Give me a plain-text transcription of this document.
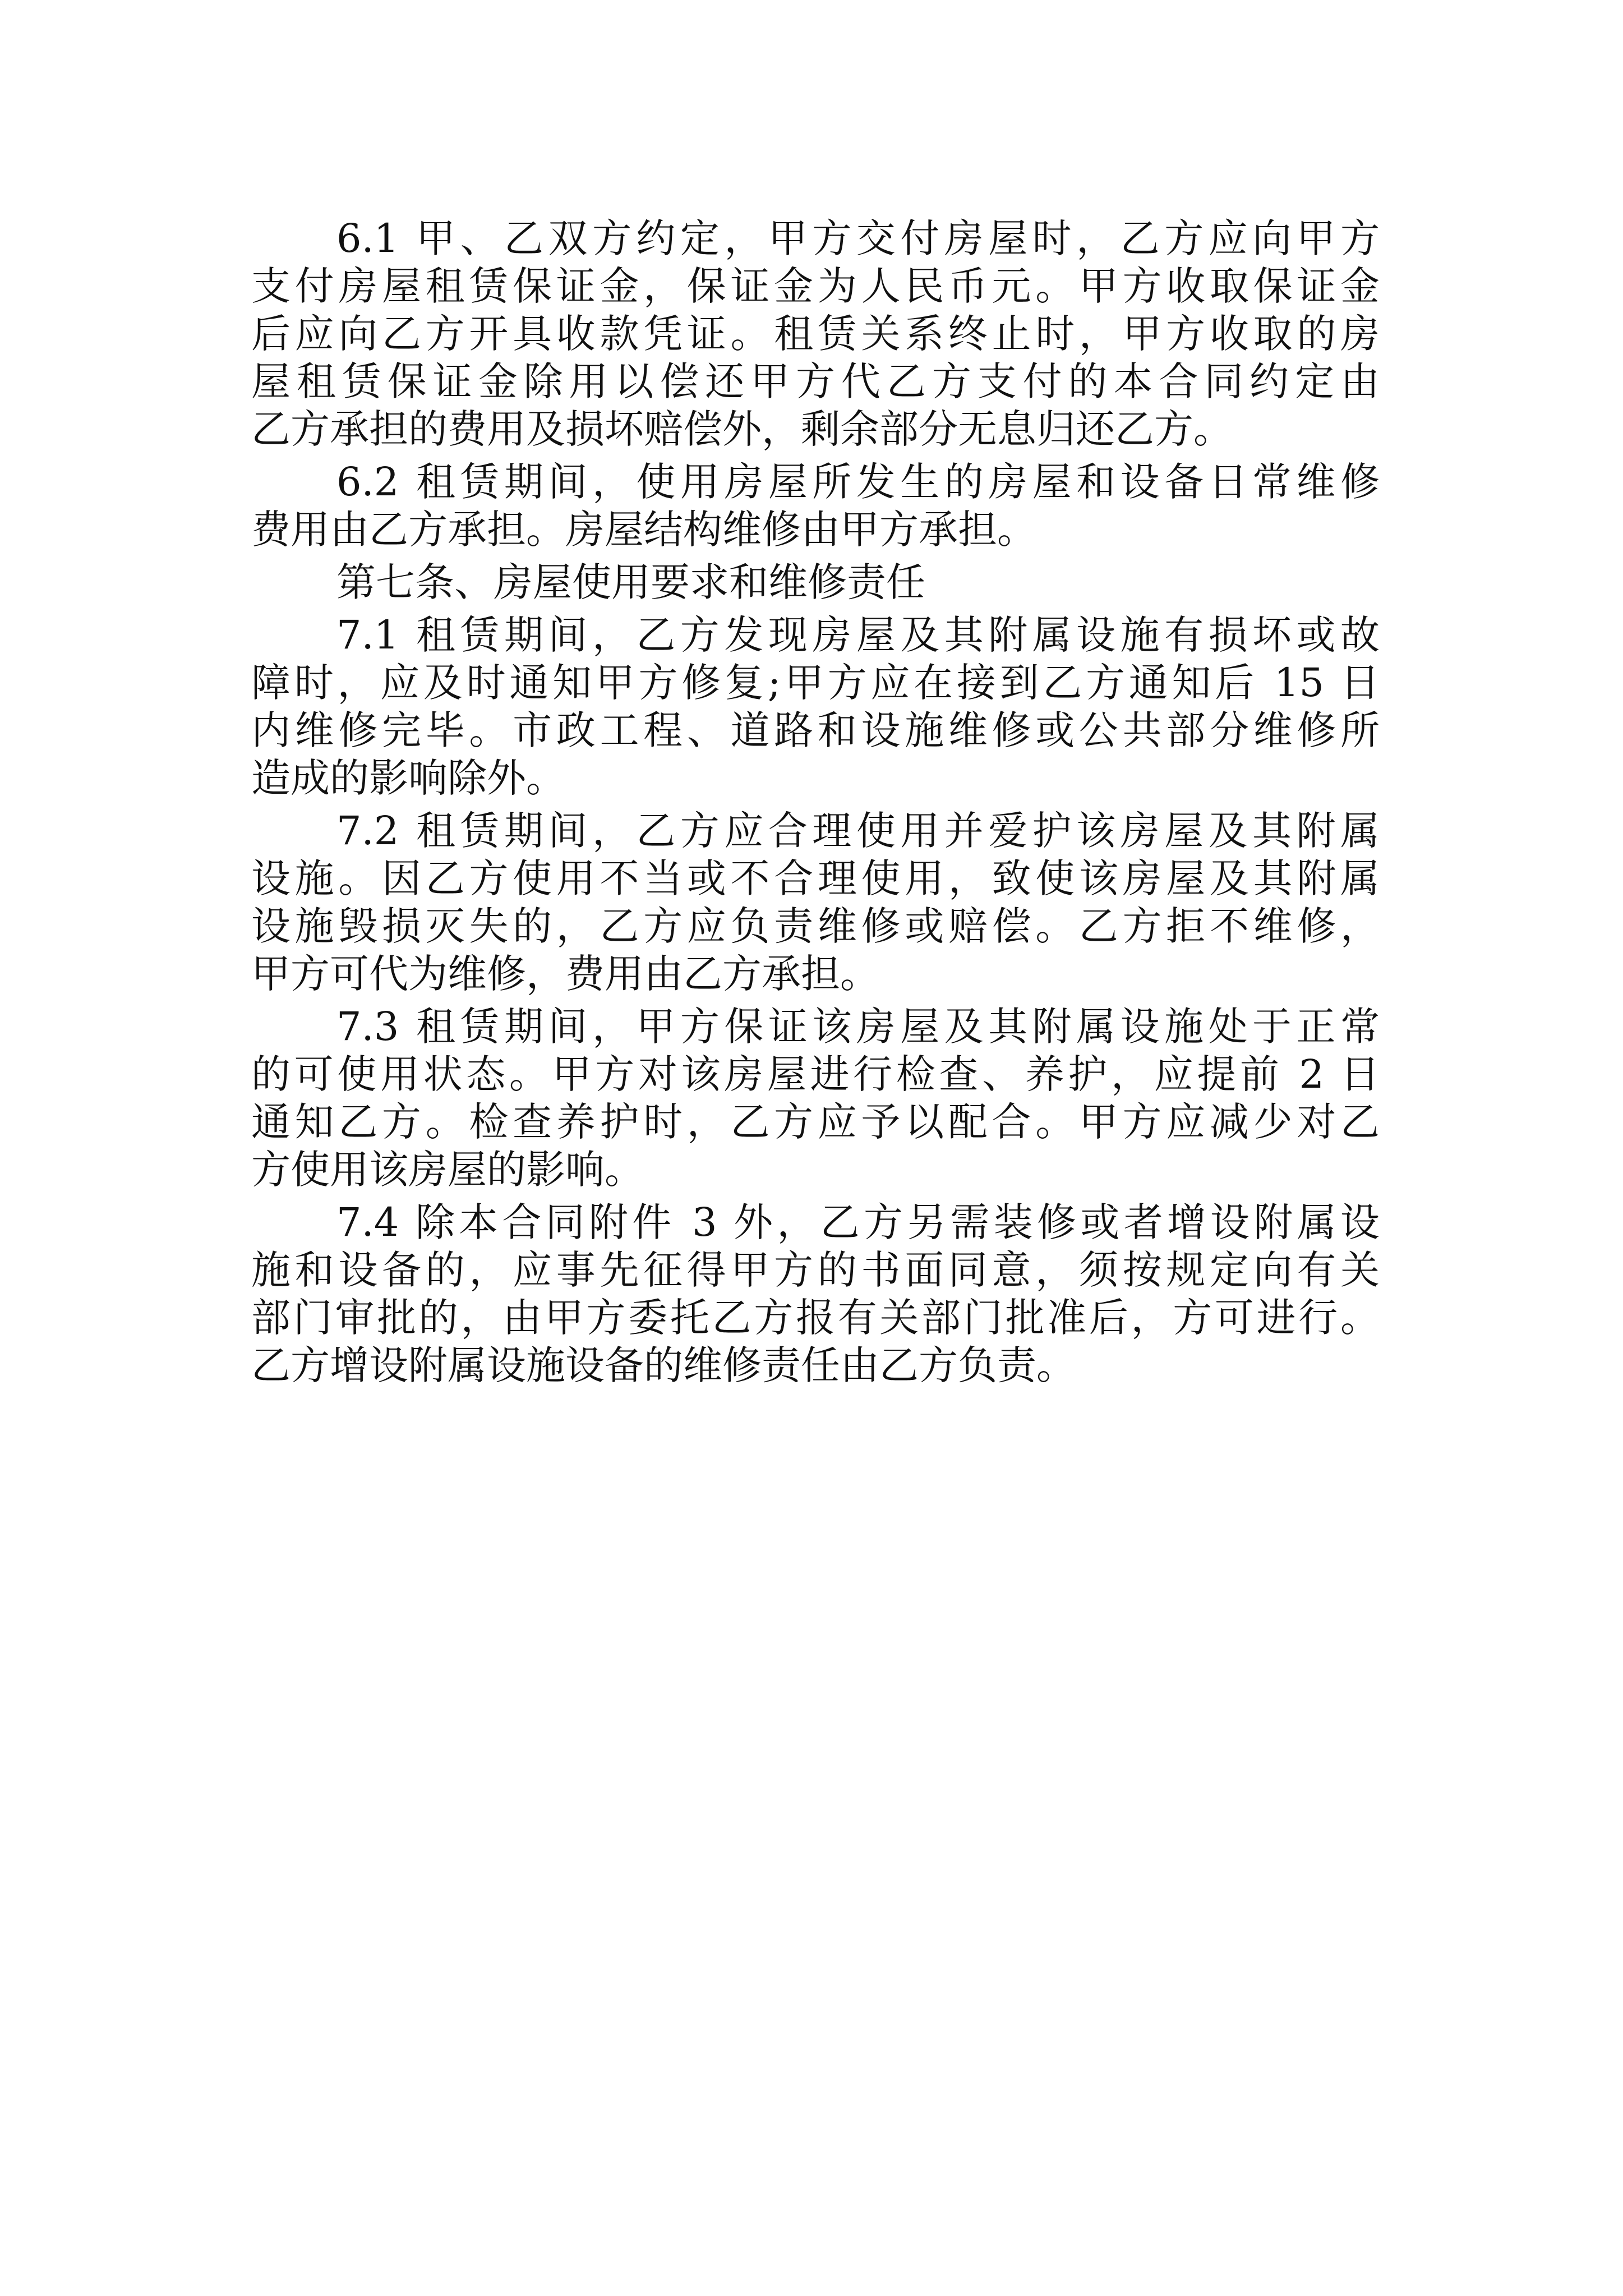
6.1 甲、乙双方约定，甲方交付房屋时，乙方应向甲方
支付房屋租赁保证金，保证金为人民币元。甲方收取保证金
后应向乙方开具收款凭证。租赁关系终止时，甲方收取的房
屋租赁保证金除用以偿还甲方代乙方支付的本合同约定由
乙方承担的费用及损坏赔偿外，剩余部分无息归还乙方。
6.2 租赁期间，使用房屋所发生的房屋和设备日常维修
费用由乙方承担。房屋结构维修由甲方承担。
第七条、房屋使用要求和维修责任
7.1 租赁期间，乙方发现房屋及其附属设施有损坏或故
障时，应及时通知甲方修复;甲方应在接到乙方通知后 15 日
内维修完毕。市政工程、道路和设施维修或公共部分维修所
造成的影响除外。
7.2 租赁期间，乙方应合理使用并爱护该房屋及其附属
设施。因乙方使用不当或不合理使用，致使该房屋及其附属
设施毁损灭失的，乙方应负责维修或赔偿。乙方拒不维修，
甲方可代为维修，费用由乙方承担。
7.3 租赁期间，甲方保证该房屋及其附属设施处于正常
的可使用状态。甲方对该房屋进行检查、养护，应提前 2 日
通知乙方。检查养护时，乙方应予以配合。甲方应减少对乙
方使用该房屋的影响。
7.4 除本合同附件 3 外，乙方另需装修或者增设附属设
施和设备的，应事先征得甲方的书面同意，须按规定向有关
部门审批的，由甲方委托乙方报有关部门批准后，方可进行。
乙方增设附属设施设备的维修责任由乙方负责。
